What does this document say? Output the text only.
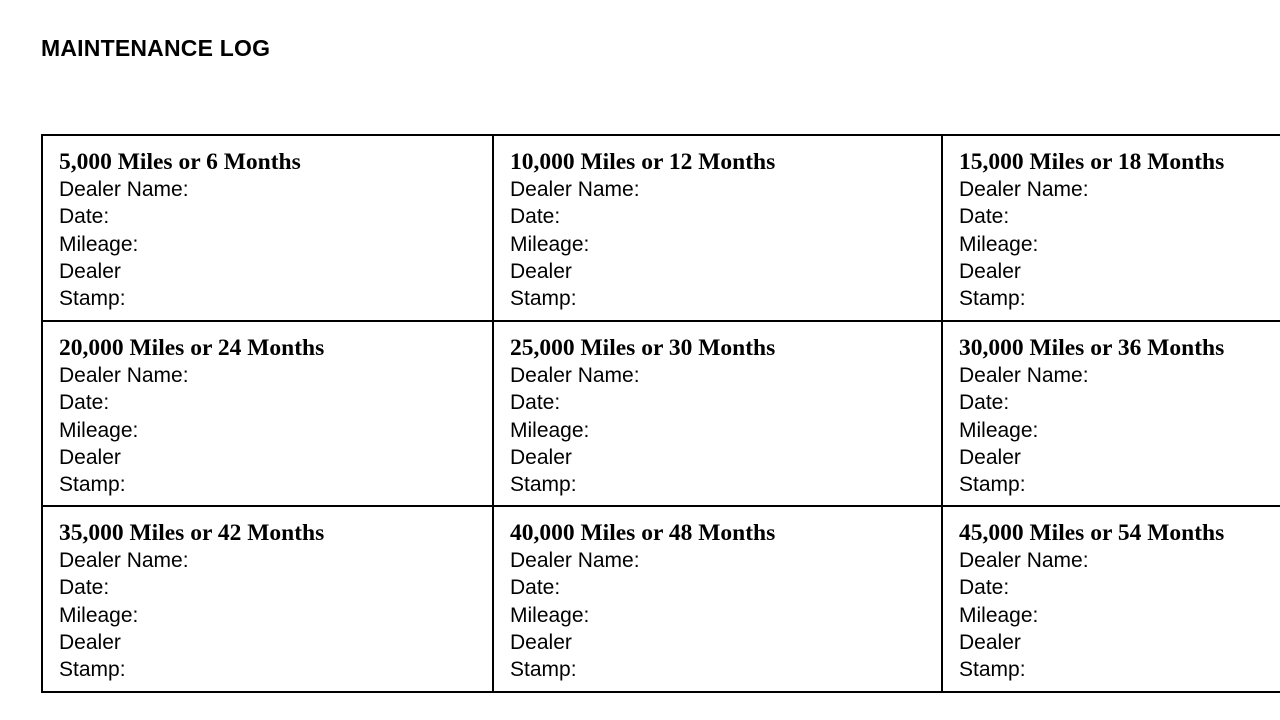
MAINTENANCE LOG
5,000 Miles or 6 Months
Dealer Name:
Date:
Mileage:
Dealer
Stamp:
10,000 Miles or 12 Months
Dealer Name:
Date:
Mileage:
Dealer
Stamp:
15,000 Miles or 18 Months
Dealer Name:
Date:
Mileage:
Dealer
Stamp:
20,000 Miles or 24 Months
Dealer Name:
Date:
Mileage:
Dealer
Stamp:
25,000 Miles or 30 Months
Dealer Name:
Date:
Mileage:
Dealer
Stamp:
30,000 Miles or 36 Months
Dealer Name:
Date:
Mileage:
Dealer
Stamp:
35,000 Miles or 42 Months
Dealer Name:
Date:
Mileage:
Dealer
Stamp:
40,000 Miles or 48 Months
Dealer Name:
Date:
Mileage:
Dealer
Stamp:
45,000 Miles or 54 Months
Dealer Name:
Date:
Mileage:
Dealer
Stamp:
